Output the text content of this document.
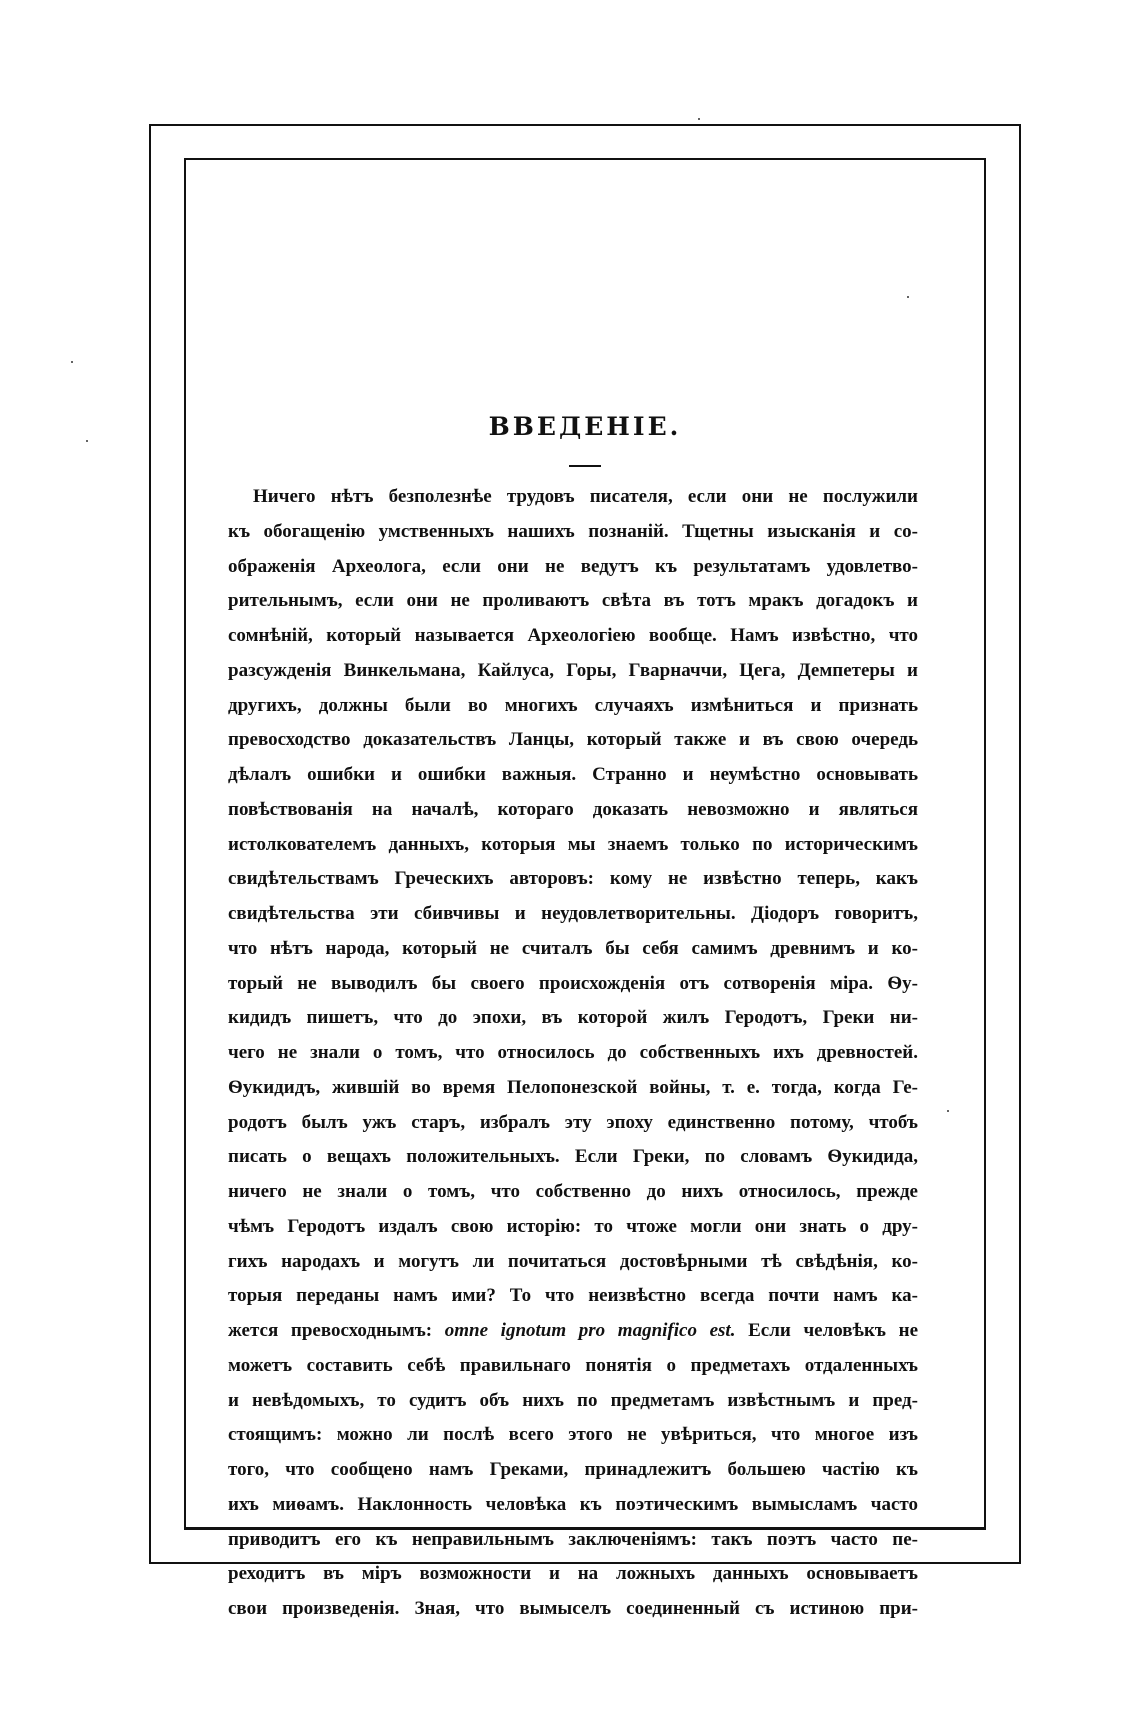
ВВЕДЕНІЕ.
Ничего нѣтъ безполезнѣе трудовъ писателя, если они не послужили
къ обогащенію умственныхъ нашихъ познаній. Тщетны изысканія и со-
ображенія Археолога, если они не ведутъ къ результатамъ удовлетво-
рительнымъ, если они не проливаютъ свѣта въ тотъ мракъ догадокъ и
сомнѣній, который называется Археологіею вообще. Намъ извѣстно, что
разсужденія Винкельмана, Кайлуса, Горы, Гварначчи, Цега, Демпетеры и
другихъ, должны были во многихъ случаяхъ измѣниться и признать
превосходство доказательствъ Ланцы, который также и въ свою очередь
дѣлалъ ошибки и ошибки важныя. Странно и неумѣстно основывать
повѣствованія на началѣ, котораго доказать невозможно и являться
истолкователемъ данныхъ, которыя мы знаемъ только по историческимъ
свидѣтельствамъ Греческихъ авторовъ: кому не извѣстно теперь, какъ
свидѣтельства эти сбивчивы и неудовлетворительны. Діодоръ говоритъ,
что нѣтъ народа, который не считалъ бы себя самимъ древнимъ и ко-
торый не выводилъ бы своего происхожденія отъ сотворенія міра. Ѳу-
кидидъ пишетъ, что до эпохи, въ которой жилъ Геродотъ, Греки ни-
чего не знали о томъ, что относилось до собственныхъ ихъ древностей.
Ѳукидидъ, жившій во время Пелопонезской войны, т. е. тогда, когда Ге-
родотъ былъ ужъ старъ, избралъ эту эпоху единственно потому, чтобъ
писать о вещахъ положительныхъ. Если Греки, по словамъ Ѳукидида,
ничего не знали о томъ, что собственно до нихъ относилось, прежде
чѣмъ Геродотъ издалъ свою исторію: то чтоже могли они знать о дру-
гихъ народахъ и могутъ ли почитаться достовѣрными тѣ свѣдѣнія, ко-
торыя переданы намъ ими? То что неизвѣстно всегда почти намъ ка-
жется превосходнымъ: omne ignotum pro magnifico est. Если человѣкъ не
можетъ составить себѣ правильнаго понятія о предметахъ отдаленныхъ
и невѣдомыхъ, то судитъ объ нихъ по предметамъ извѣстнымъ и пред-
стоящимъ: можно ли послѣ всего этого не увѣриться, что многое изъ
того, что сообщено намъ Греками, принадлежитъ большею частію къ
ихъ миѳамъ. Наклонность человѣка къ поэтическимъ вымысламъ часто
приводитъ его къ неправильнымъ заключеніямъ: такъ поэтъ часто пе-
реходитъ въ міръ возможности и на ложныхъ данныхъ основываетъ
свои произведенія. Зная, что вымыселъ соединенный съ истиною при-
